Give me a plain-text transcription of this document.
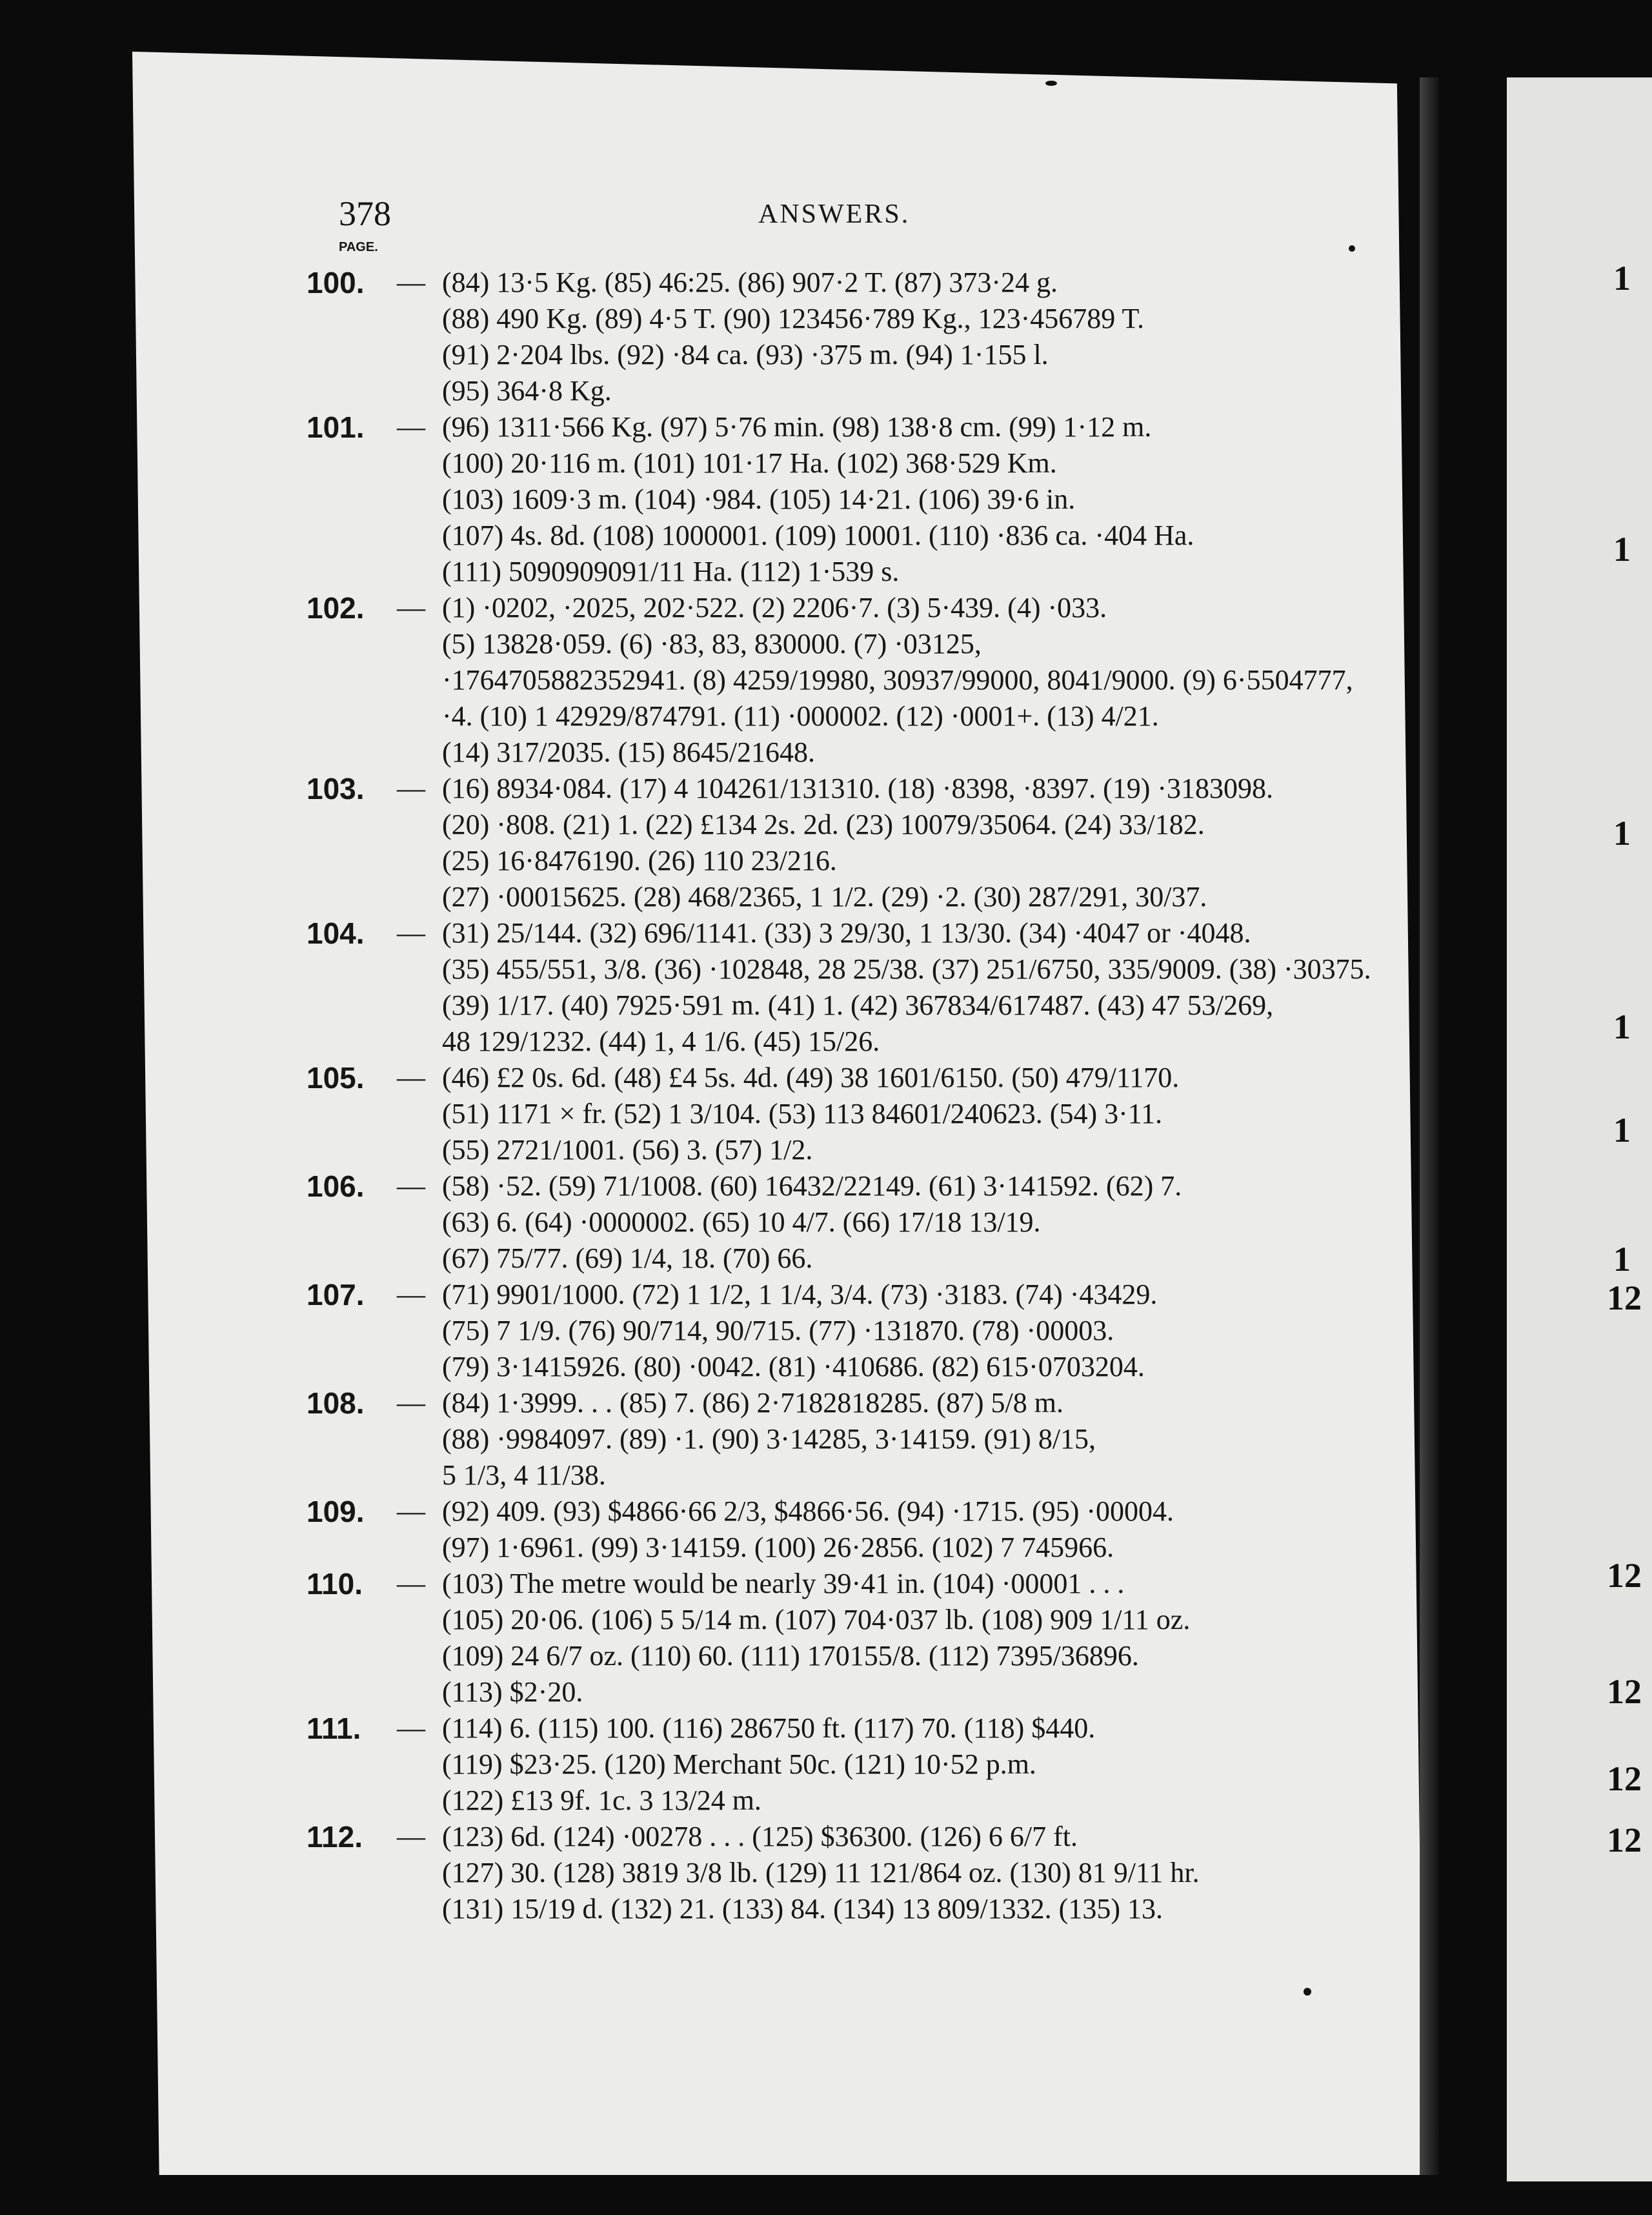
378	ANSWERS.
PAGE.
100.	— (84) 13·5 Kg. (85) 46:25. (86) 907·2 T. (87) 373·24 g.
(88) 490 Kg. (89) 4·5 T. (90) 123456·789 Kg., 123·456789 T.
(91) 2·204 lbs. (92) ·84 ca. (93) ·375 m. (94) 1·155 l.
(95) 364·8 Kg.
101.	— (96) 1311·566 Kg. (97) 5·76 min. (98) 138·8 cm. (99) 1·12 m.
(100) 20·116 m. (101) 101·17 Ha. (102) 368·529 Km.
(103) 1609·3 m. (104) ·984. (105) 14·21. (106) 39·6 in.
(107) 4s. 8d. (108) 1000001. (109) 10001. (110) ·836 ca. ·404 Ha.
(111) 5090909091/11 Ha. (112) 1·539 s.
102.	— (1) ·0202, ·2025, 202·522. (2) 2206·7. (3) 5·439. (4) ·033.
(5) 13828·059. (6) ·83, 83, 830000. (7) ·03125,
·1764705882352941. (8) 4259/19980, 30937/99000, 8041/9000. (9) 6·5504777,
·4. (10) 1 42929/874791. (11) ·000002. (12) ·0001+. (13) 4/21.
(14) 317/2035. (15) 8645/21648.
103.	— (16) 8934·084. (17) 4 104261/131310. (18) ·8398, ·8397. (19) ·3183098.
(20) ·808. (21) 1. (22) £134 2s. 2d. (23) 10079/35064. (24) 33/182.
(25) 16·8476190. (26) 110 23/216.
(27) ·00015625. (28) 468/2365, 1 1/2. (29) ·2. (30) 287/291, 30/37.
104.	— (31) 25/144. (32) 696/1141. (33) 3 29/30, 1 13/30. (34) ·4047 or ·4048.
(35) 455/551, 3/8. (36) ·102848, 28 25/38. (37) 251/6750, 335/9009. (38) ·30375.
(39) 1/17. (40) 7925·591 m. (41) 1. (42) 367834/617487. (43) 47 53/269,
48 129/1232. (44) 1, 4 1/6. (45) 15/26.
105.	— (46) £2 0s. 6d. (48) £4 5s. 4d. (49) 38 1601/6150. (50) 479/1170.
(51) 1171 × fr. (52) 1 3/104. (53) 113 84601/240623. (54) 3·11.
(55) 2721/1001. (56) 3. (57) 1/2.
106.	— (58) ·52. (59) 71/1008. (60) 16432/22149. (61) 3·141592. (62) 7.
(63) 6. (64) ·0000002. (65) 10 4/7. (66) 17/18 13/19.
(67) 75/77. (69) 1/4, 18. (70) 66.
107.	— (71) 9901/1000. (72) 1 1/2, 1 1/4, 3/4. (73) ·3183. (74) ·43429.
(75) 7 1/9. (76) 90/714, 90/715. (77) ·131870. (78) ·00003.
(79) 3·1415926. (80) ·0042. (81) ·410686. (82) 615·0703204.
108.	— (84) 1·3999. . . (85) 7. (86) 2·7182818285. (87) 5/8 m.
(88) ·9984097. (89) ·1. (90) 3·14285, 3·14159. (91) 8/15,
5 1/3, 4 11/38.
109.	— (92) 409. (93) $4866·66 2/3, $4866·56. (94) ·1715. (95) ·00004.
(97) 1·6961. (99) 3·14159. (100) 26·2856. (102) 7 745966.
110.	— (103) The metre would be nearly 39·41 in. (104) ·00001 . . .
(105) 20·06. (106) 5 5/14 m. (107) 704·037 lb. (108) 909 1/11 oz.
(109) 24 6/7 oz. (110) 60. (111) 170155/8. (112) 7395/36896.
(113) $2·20.
111.	— (114) 6. (115) 100. (116) 286750 ft. (117) 70. (118) $440.
(119) $23·25. (120) Merchant 50c. (121) 10·52 p.m.
(122) £13 9f. 1c. 3 13/24 m.
112.	— (123) 6d. (124) ·00278 . . . (125) $36300. (126) 6 6/7 ft.
(127) 30. (128) 3819 3/8 lb. (129) 11 121/864 oz. (130) 81 9/11 hr.
(131) 15/19 d. (132) 21. (133) 84. (134) 13 809/1332. (135) 13.
1
1
1
1
1
1
12
12
12
12
12
